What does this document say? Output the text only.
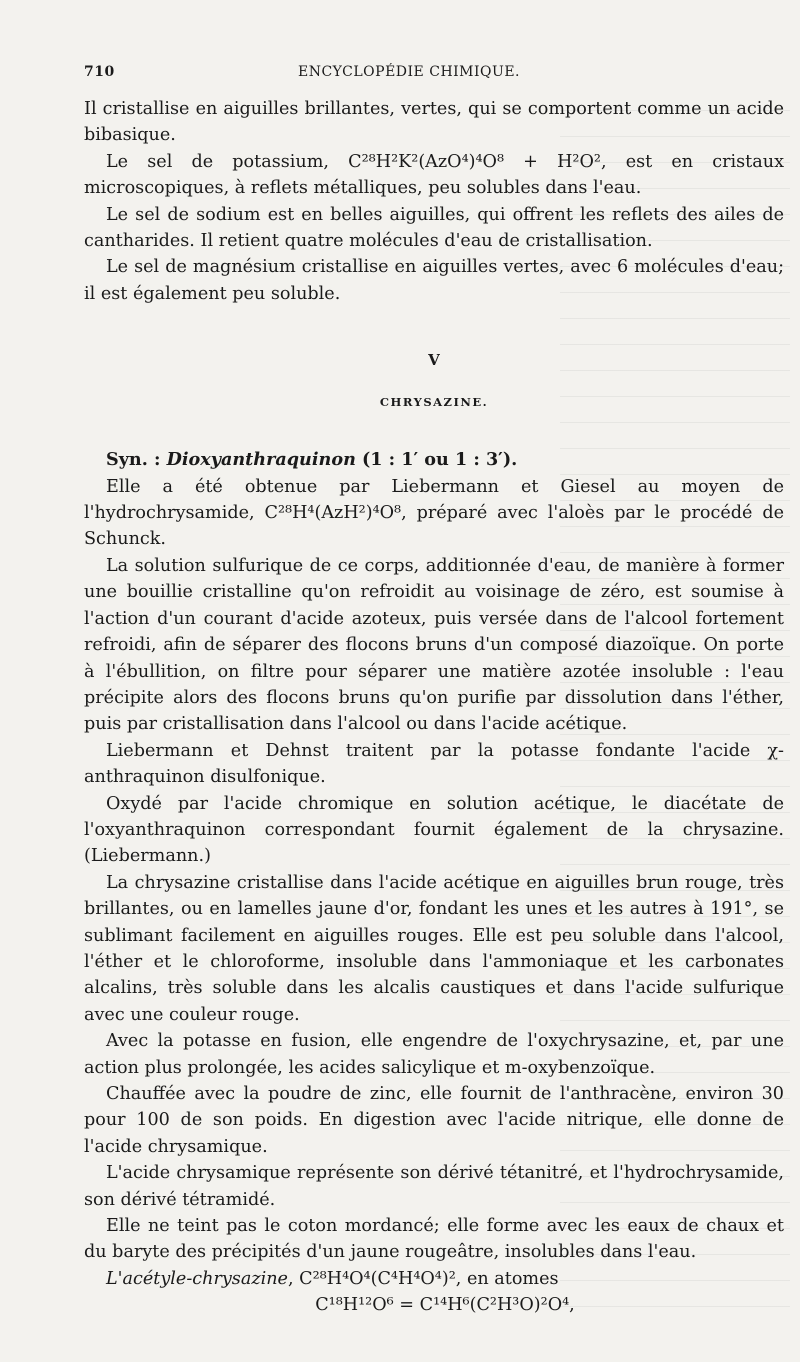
710	ENCYCLOPÉDIE CHIMIQUE.

Il cristallise en aiguilles brillantes, vertes, qui se comportent comme un acide bibasique.

Le sel de potassium, C²⁸H²K²(AzO⁴)⁴O⁸ + H²O², est en cristaux microscopiques, à reflets métalliques, peu solubles dans l'eau.

Le sel de sodium est en belles aiguilles, qui offrent les reflets des ailes de cantharides. Il retient quatre molécules d'eau de cristallisation.

Le sel de magnésium cristallise en aiguilles vertes, avec 6 molécules d'eau; il est également peu soluble.

V
CHRYSAZINE.

Syn. : Dioxyanthraquinon (1 : 1′ ou 1 : 3′).

Elle a été obtenue par Liebermann et Giesel au moyen de l'hydrochrysamide, C²⁸H⁴(AzH²)⁴O⁸, préparé avec l'aloès par le procédé de Schunck.

La solution sulfurique de ce corps, additionnée d'eau, de manière à former une bouillie cristalline qu'on refroidit au voisinage de zéro, est soumise à l'action d'un courant d'acide azoteux, puis versée dans de l'alcool fortement refroidi, afin de séparer des flocons bruns d'un composé diazoïque. On porte à l'ébullition, on filtre pour séparer une matière azotée insoluble : l'eau précipite alors des flocons bruns qu'on purifie par dissolution dans l'éther, puis par cristallisation dans l'alcool ou dans l'acide acétique.

Liebermann et Dehnst traitent par la potasse fondante l'acide χ-anthraquinon disulfonique.

Oxydé par l'acide chromique en solution acétique, le diacétate de l'oxyanthraquinon correspondant fournit également de la chrysazine. (Liebermann.)

La chrysazine cristallise dans l'acide acétique en aiguilles brun rouge, très brillantes, ou en lamelles jaune d'or, fondant les unes et les autres à 191°, se sublimant facilement en aiguilles rouges. Elle est peu soluble dans l'alcool, l'éther et le chloroforme, insoluble dans l'ammoniaque et les carbonates alcalins, très soluble dans les alcalis caustiques et dans l'acide sulfurique avec une couleur rouge.

Avec la potasse en fusion, elle engendre de l'oxychrysazine, et, par une action plus prolongée, les acides salicylique et m-oxybenzoïque.

Chauffée avec la poudre de zinc, elle fournit de l'anthracène, environ 30 pour 100 de son poids. En digestion avec l'acide nitrique, elle donne de l'acide chrysamique.

L'acide chrysamique représente son dérivé tétanitré, et l'hydrochrysamide, son dérivé tétramidé.

Elle ne teint pas le coton mordancé; elle forme avec les eaux de chaux et du baryte des précipités d'un jaune rougeâtre, insolubles dans l'eau.

L'acétyle-chrysazine, C²⁸H⁴O⁴(C⁴H⁴O⁴)², en atomes

C¹⁸H¹²O⁶ = C¹⁴H⁶(C²H³O)²O⁴,
